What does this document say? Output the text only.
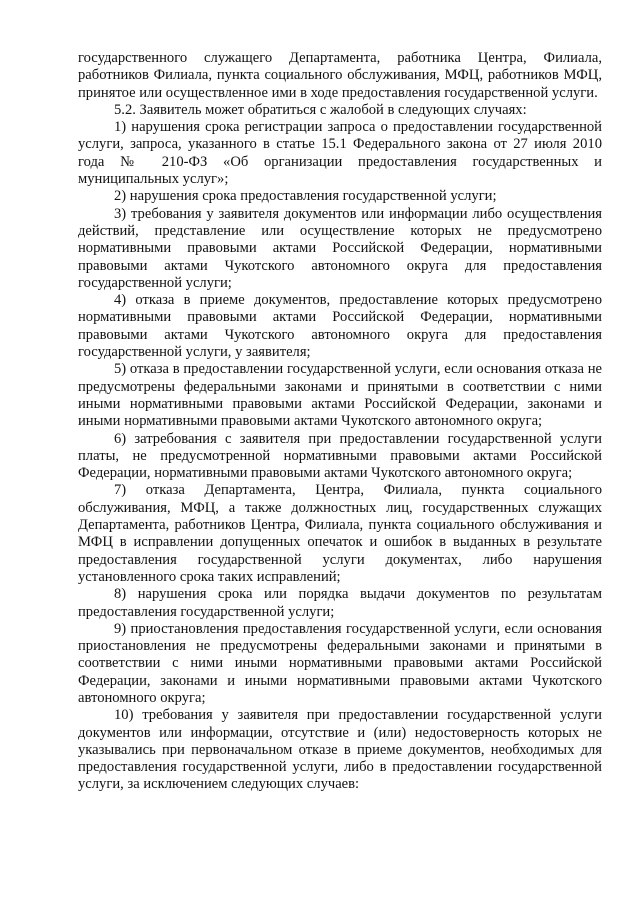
государственного служащего Департамента, работника Центра, Филиала, работников Филиала, пункта социального обслуживания, МФЦ, работников МФЦ, принятое или осуществленное ими в ходе предоставления государственной услуги.

5.2. Заявитель может обратиться с жалобой в следующих случаях:

1) нарушения срока регистрации запроса о предоставлении государственной услуги, запроса, указанного в статье 15.1 Федерального закона от 27 июля 2010 года № 210-ФЗ «Об организации предоставления государственных и муниципальных услуг»;

2) нарушения срока предоставления государственной услуги;

3) требования у заявителя документов или информации либо осуществления действий, представление или осуществление которых не предусмотрено нормативными правовыми актами Российской Федерации, нормативными правовыми актами Чукотского автономного округа для предоставления государственной услуги;

4) отказа в приеме документов, предоставление которых предусмотрено нормативными правовыми актами Российской Федерации, нормативными правовыми актами Чукотского автономного округа для предоставления государственной услуги, у заявителя;

5) отказа в предоставлении государственной услуги, если основания отказа не предусмотрены федеральными законами и принятыми в соответствии с ними иными нормативными правовыми актами Российской Федерации, законами и иными нормативными правовыми актами Чукотского автономного округа;

6) затребования с заявителя при предоставлении государственной услуги платы, не предусмотренной нормативными правовыми актами Российской Федерации, нормативными правовыми актами Чукотского автономного округа;

7) отказа Департамента, Центра, Филиала, пункта социального обслуживания, МФЦ, а также должностных лиц, государственных служащих Департамента, работников Центра, Филиала, пункта социального обслуживания и МФЦ в исправлении допущенных опечаток и ошибок в выданных в результате предоставления государственной услуги документах, либо нарушения установленного срока таких исправлений;

8) нарушения срока или порядка выдачи документов по результатам предоставления государственной услуги;

9) приостановления предоставления государственной услуги, если основания приостановления не предусмотрены федеральными законами и принятыми в соответствии с ними иными нормативными правовыми актами Российской Федерации, законами и иными нормативными правовыми актами Чукотского автономного округа;

10) требования у заявителя при предоставлении государственной услуги документов или информации, отсутствие и (или) недостоверность которых не указывались при первоначальном отказе в приеме документов, необходимых для предоставления государственной услуги, либо в предоставлении государственной услуги, за исключением следующих случаев:
